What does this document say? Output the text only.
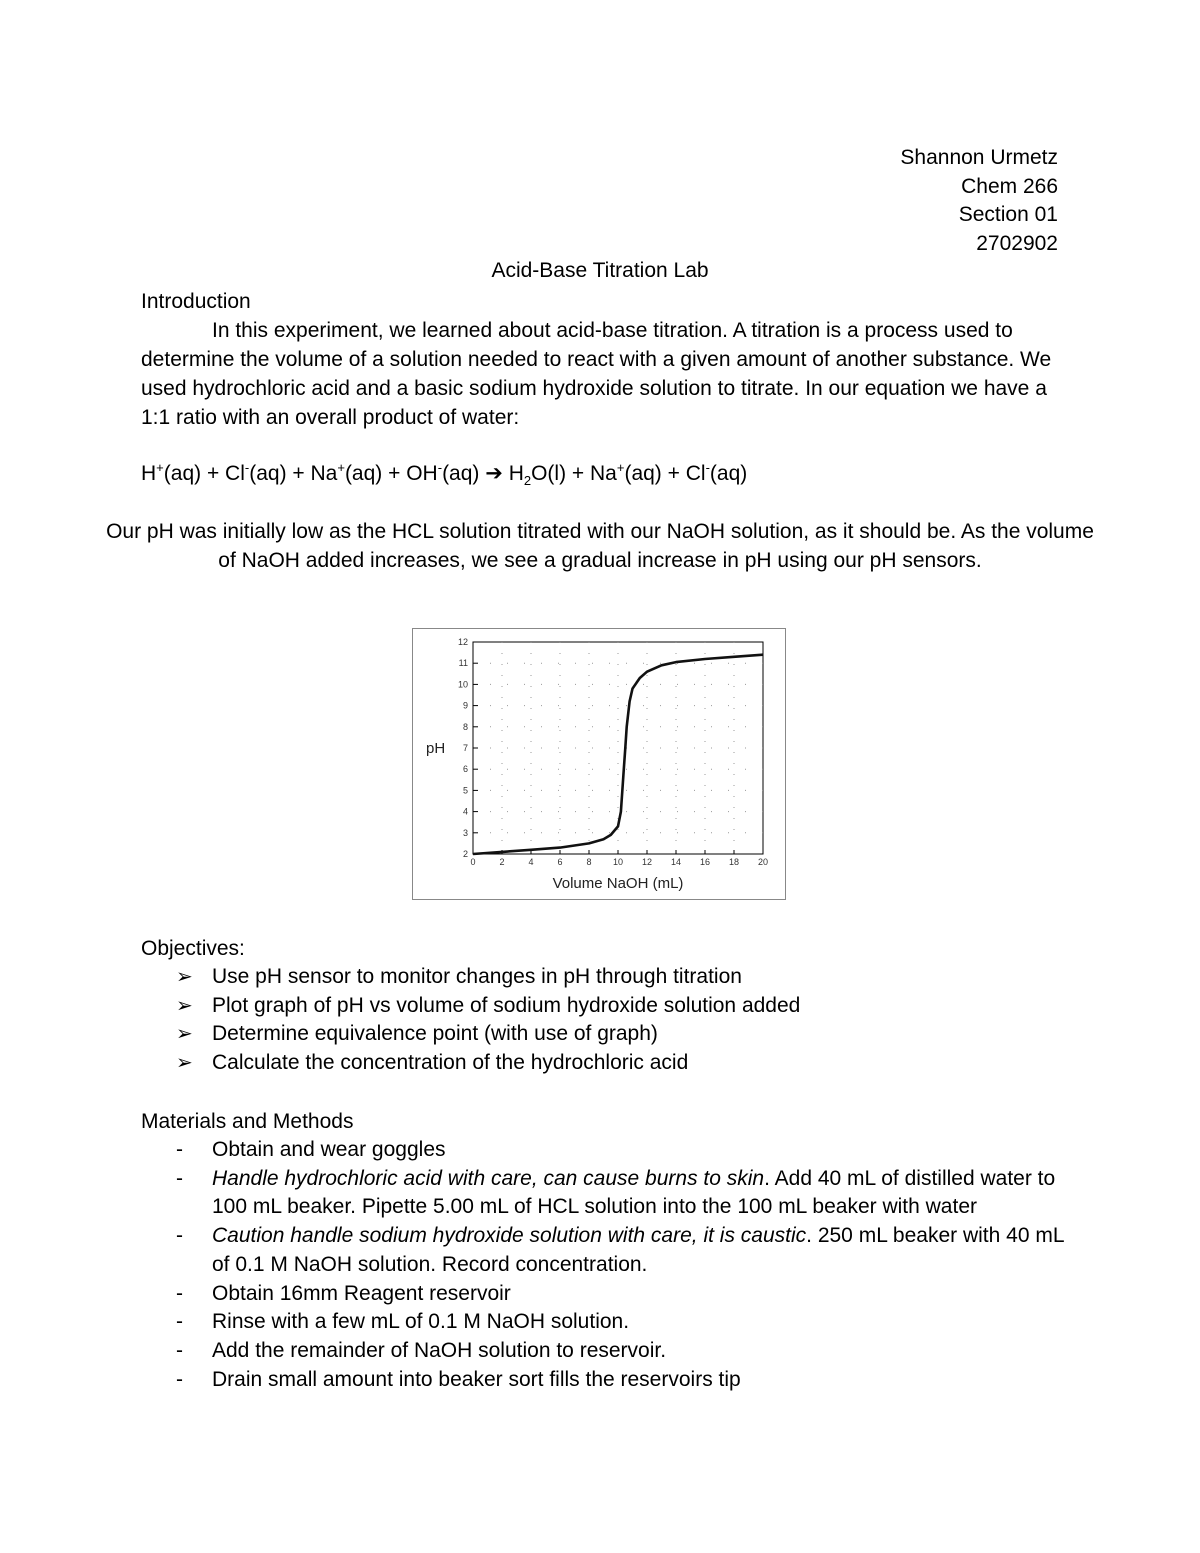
Shannon Urmetz
Chem 266
Section 01
2702902
Acid-Base Titration Lab
Introduction
In this experiment, we learned about acid-base titration. A titration is a process used to determine the volume of a solution needed to react with a given amount of another substance. We used hydrochloric acid and a basic sodium hydroxide solution to titrate. In our equation we have a 1:1 ratio with an overall product of water:
H+(aq) + Cl-(aq) + Na+(aq) + OH-(aq) ➔ $H_2O(l) + Na^+(aq) + Cl^-(aq)$
Our pH was initially low as the HCL solution titrated with our NaOH solution, as it should be. As the volume of NaOH added increases, we see a gradual increase in pH using our pH sensors.
0	2	4	6	8 10 12 14 16 18 20
2
3
4
5
6
7
8
9
10
11
12
Volume NaOH (mL)
pH
Objectives:
➢ Use pH sensor to monitor changes in pH through titration
➢ Plot graph of pH vs volume of sodium hydroxide solution added
➢ Determine equivalence point (with use of graph)
➢ Calculate the concentration of the hydrochloric acid
Materials and Methods
- Obtain and wear goggles
- Handle hydrochloric acid with care, can cause burns to skin. Add 40 mL of distilled water to 100 mL beaker. Pipette 5.00 mL of HCL solution into the 100 mL beaker with water
- Caution handle sodium hydroxide solution with care, it is caustic. 250 mL beaker with 40 mL of 0.1 M NaOH solution. Record concentration.
- Obtain 16mm Reagent reservoir
- Rinse with a few mL of 0.1 M NaOH solution.
- Add the remainder of NaOH solution to reservoir.
- Drain small amount into beaker sort fills the reservoirs tip
